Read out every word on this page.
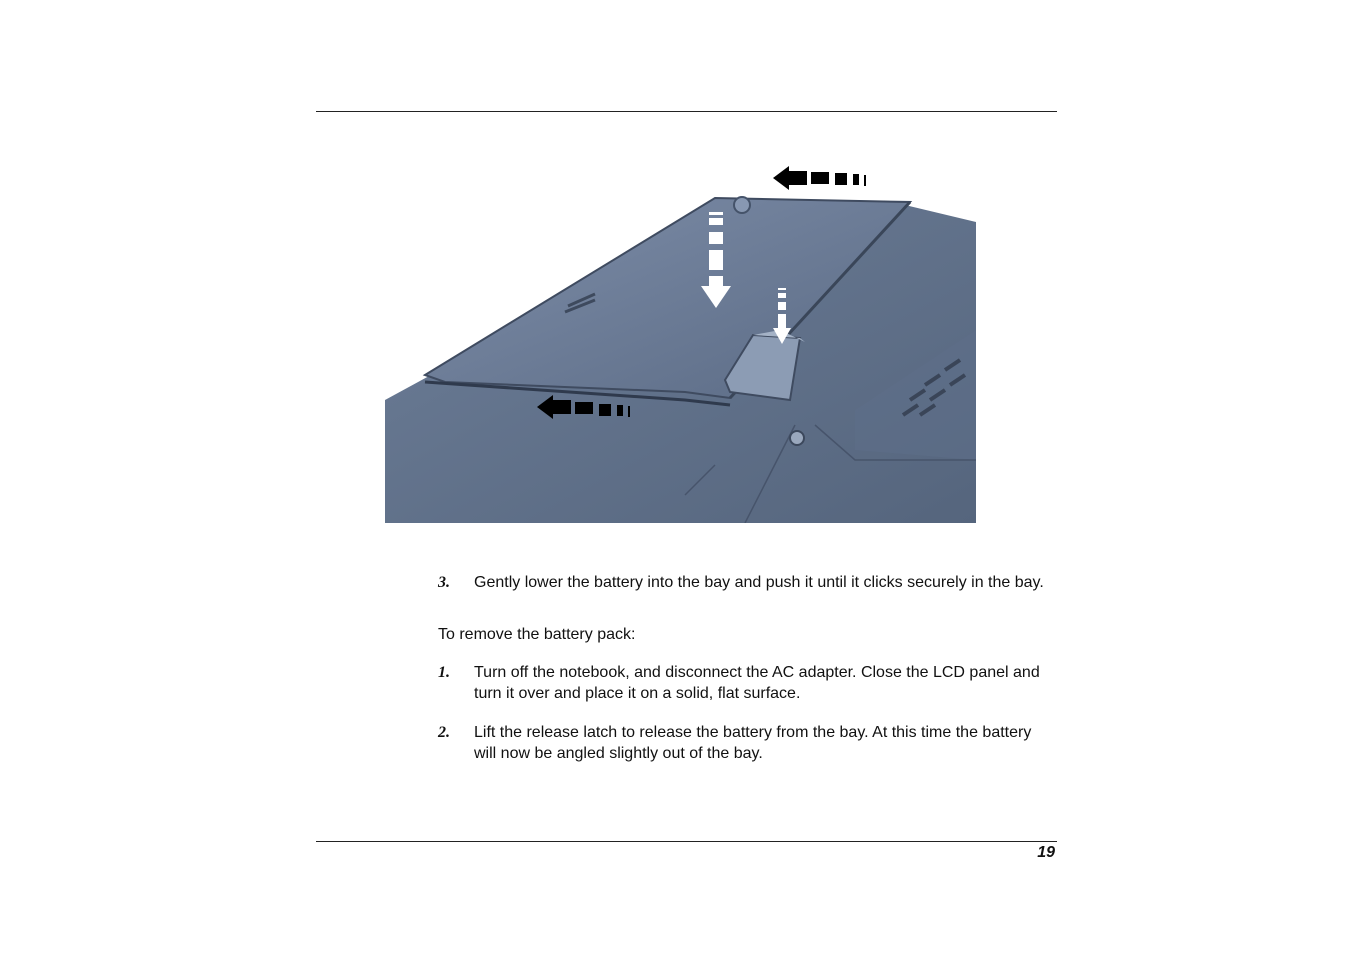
3. Gently lower the battery into the bay and push it until it clicks securely in the bay.
To remove the battery pack:
1. Turn off the notebook, and disconnect the AC adapter. Close the LCD panel and turn it over and place it on a solid, flat surface.
2. Lift the release latch to release the battery from the bay. At this time the battery will now be angled slightly out of the bay.
19
